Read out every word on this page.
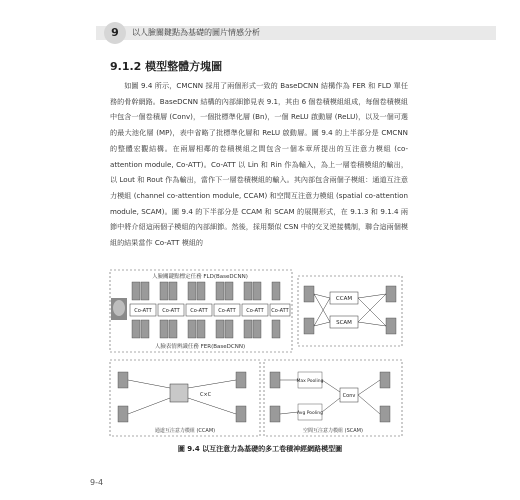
9	以人臉關鍵點為基礎的圖片情感分析
9.1.2 模型整體方塊圖

如圖 9.4 所示，CMCNN 採用了兩個形式一致的 BaseDCNN 結構作為 FER 和 FLD 單任務的骨幹網路。BaseDCNN 結構的內部細節見表 9.1，其由 6 個卷積模組組成，每個卷積模組中包含一個卷積層 (Conv)，一個批標準化層 (Bn)，一個 ReLU 啟動層 (ReLU)，以及一個可選的最大池化層 (MP)，表中省略了批標準化層和 ReLU 啟動層。圖 9.4 的上半部分是 CMCNN 的整體宏觀結構。在兩層相鄰的卷積模組之間包含一個本章所提出的互注意力模組 (co-attention module, Co-ATT)。Co-ATT 以 Lin 和 Rin 作為輸入，為上一層卷積模組的輸出，以 Lout 和 Rout 作為輸出，當作下一層卷積模組的輸入。其內部包含兩個子模組：通道互注意力模組 (channel co-attention module, CCAM) 和空間互注意力模組 (spatial co-attention module, SCAM)。圖 9.4 的下半部分是 CCAM 和 SCAM 的展開形式，在 9.1.3 和 9.1.4 兩節中將介紹這兩個子模組的內部細節。然後，採用類似 CSN 中的交叉逆接機制，聯合這兩個模組的結果當作 Co-ATT 模組的

人臉關鍵點標定任務 FLD(BaseDCNN)
人臉表情辨識任務 FER(BaseDCNN)
Co-ATT Co-ATT Co-ATT Co-ATT Co-ATT Co-ATT
CCAM
SCAM
C×C
通道互注意力模組 (CCAM)
Max Pooling
Avg Pooling
Conv
空間互注意力模組 (SCAM)
圖 9.4 以互注意力為基礎的多工卷積神經網路模型圖
9-4
